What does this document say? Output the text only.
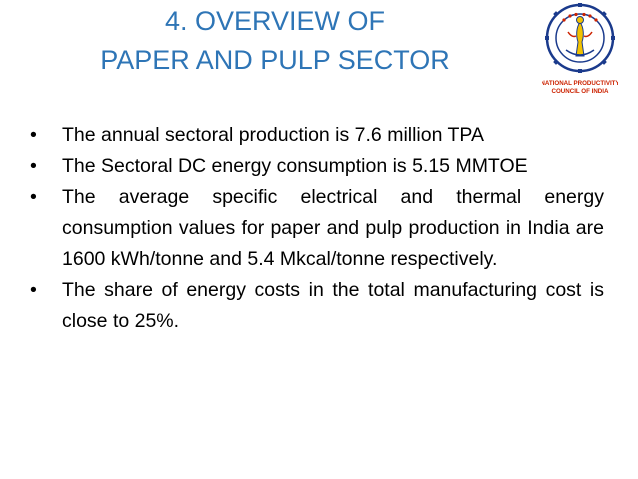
4. OVERVIEW OF
PAPER AND PULP SECTOR
NATIONAL PRODUCTIVITY
COUNCIL OF INDIA
•	The annual sectoral production is 7.6 million TPA
•	The Sectoral DC energy consumption is 5.15 MMTOE
•	The average specific electrical and thermal energy consumption values for paper and pulp production in India are 1600 kWh/tonne and 5.4 Mkcal/tonne respectively.
•	The share of energy costs in the total manufacturing cost is close to 25%.
